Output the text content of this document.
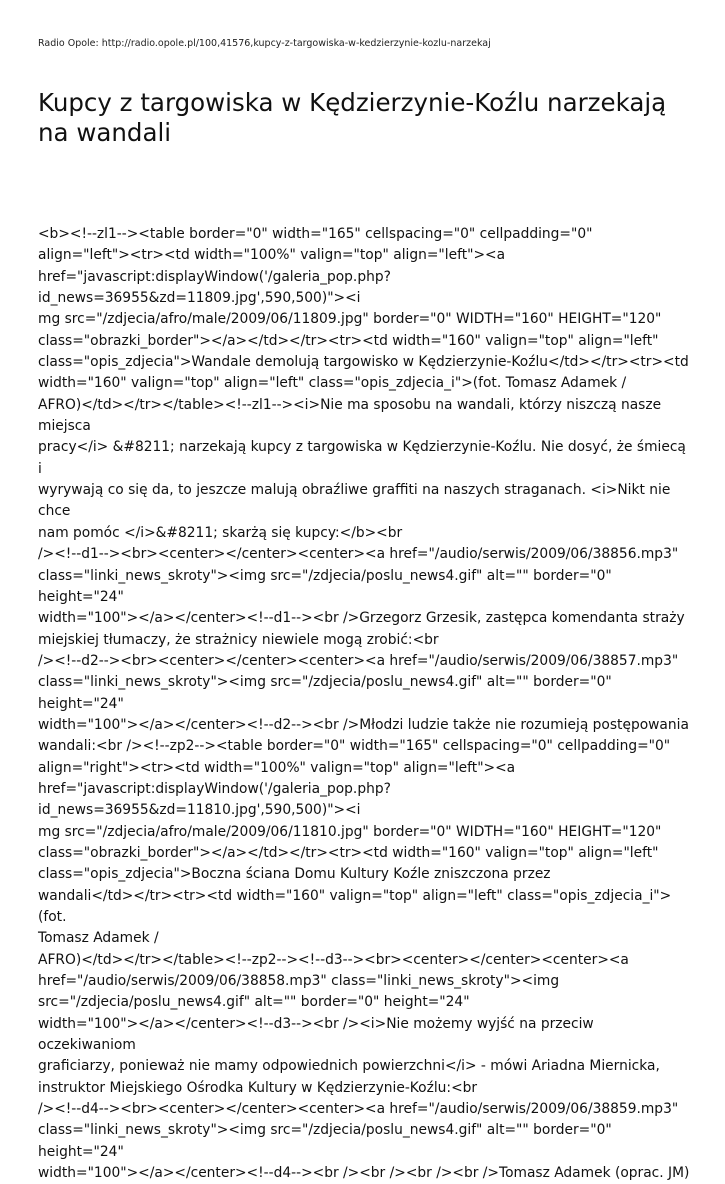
Radio Opole: http://radio.opole.pl/100,41576,kupcy-z-targowiska-w-kedzierzynie-kozlu-narzekaj
Kupcy z targowiska w Kędzierzynie-Koźlu narzekają na wandali
<b><!--zl1--><table border="0" width="165" cellspacing="0" cellpadding="0"
align="left"><tr><td width="100%" valign="top" align="left"><a
href="javascript:displayWindow('/galeria_pop.php?id_news=36955&zd=11809.jpg',590,500)"><i
mg src="/zdjecia/afro/male/2009/06/11809.jpg" border="0" WIDTH="160" HEIGHT="120"
class="obrazki_border"></a></td></tr><tr><td width="160" valign="top" align="left"
class="opis_zdjecia">Wandale demolują targowisko w Kędzierzynie-Koźlu</td></tr><tr><td
width="160" valign="top" align="left" class="opis_zdjecia_i">(fot. Tomasz Adamek /
AFRO)</td></tr></table><!--zl1--><i>Nie ma sposobu na wandali, którzy niszczą nasze miejsca
pracy</i> &#8211; narzekają kupcy z targowiska w Kędzierzynie-Koźlu. Nie dosyć, że śmiecą i
wyrywają co się da, to jeszcze malują obraźliwe graffiti na naszych straganach. <i>Nikt nie chce
nam pomóc </i>&#8211; skarżą się kupcy:</b><br
/><!--d1--><br><center></center><center><a href="/audio/serwis/2009/06/38856.mp3"
class="linki_news_skroty"><img src="/zdjecia/poslu_news4.gif" alt="" border="0" height="24"
width="100"></a></center><!--d1--><br />Grzegorz Grzesik, zastępca komendanta straży
miejskiej tłumaczy, że strażnicy niewiele mogą zrobić:<br
/><!--d2--><br><center></center><center><a href="/audio/serwis/2009/06/38857.mp3"
class="linki_news_skroty"><img src="/zdjecia/poslu_news4.gif" alt="" border="0" height="24"
width="100"></a></center><!--d2--><br />Młodzi ludzie także nie rozumieją postępowania
wandali:<br /><!--zp2--><table border="0" width="165" cellspacing="0" cellpadding="0"
align="right"><tr><td width="100%" valign="top" align="left"><a
href="javascript:displayWindow('/galeria_pop.php?id_news=36955&zd=11810.jpg',590,500)"><i
mg src="/zdjecia/afro/male/2009/06/11810.jpg" border="0" WIDTH="160" HEIGHT="120"
class="obrazki_border"></a></td></tr><tr><td width="160" valign="top" align="left"
class="opis_zdjecia">Boczna ściana Domu Kultury Koźle zniszczona przez
wandali</td></tr><tr><td width="160" valign="top" align="left" class="opis_zdjecia_i">(fot.
Tomasz Adamek /
AFRO)</td></tr></table><!--zp2--><!--d3--><br><center></center><center><a
href="/audio/serwis/2009/06/38858.mp3" class="linki_news_skroty"><img
src="/zdjecia/poslu_news4.gif" alt="" border="0" height="24"
width="100"></a></center><!--d3--><br /><i>Nie możemy wyjść na przeciw oczekiwaniom
graficiarzy, ponieważ nie mamy odpowiednich powierzchni</i> - mówi Ariadna Miernicka,
instruktor Miejskiego Ośrodka Kultury w Kędzierzynie-Koźlu:<br
/><!--d4--><br><center></center><center><a href="/audio/serwis/2009/06/38859.mp3"
class="linki_news_skroty"><img src="/zdjecia/poslu_news4.gif" alt="" border="0" height="24"
width="100"></a></center><!--d4--><br /><br /><br /><br />Tomasz Adamek (oprac. JM)
